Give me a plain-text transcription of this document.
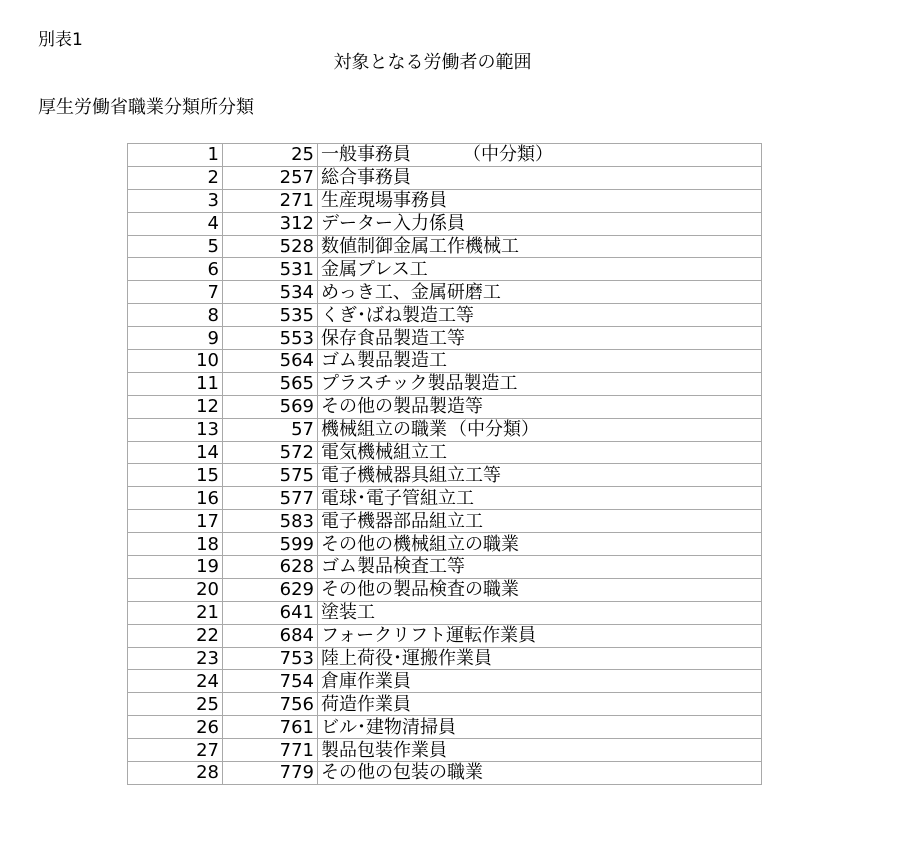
別表1
対象となる労働者の範囲
厚生労働省職業分類所分類
1	25	一般事務員 （中分類）
2	257	総合事務員
3	271	生産現場事務員
4	312	データー入力係員
5	528	数値制御金属工作機械工
6	531	金属プレス工
7	534	めっき工、金属研磨工
8	535	くぎ･ばね製造工等
9	553	保存食品製造工等
10	564	ゴム製品製造工
11	565	プラスチック製品製造工
12	569	その他の製品製造等
13	57	機械組立の職業 （中分類）
14	572	電気機械組立工
15	575	電子機械器具組立工等
16	577	電球･電子管組立工
17	583	電子機器部品組立工
18	599	その他の機械組立の職業
19	628	ゴム製品検査工等
20	629	その他の製品検査の職業
21	641	塗装工
22	684	フォークリフト運転作業員
23	753	陸上荷役･運搬作業員
24	754	倉庫作業員
25	756	荷造作業員
26	761	ビル･建物清掃員
27	771	製品包装作業員
28	779	その他の包装の職業
